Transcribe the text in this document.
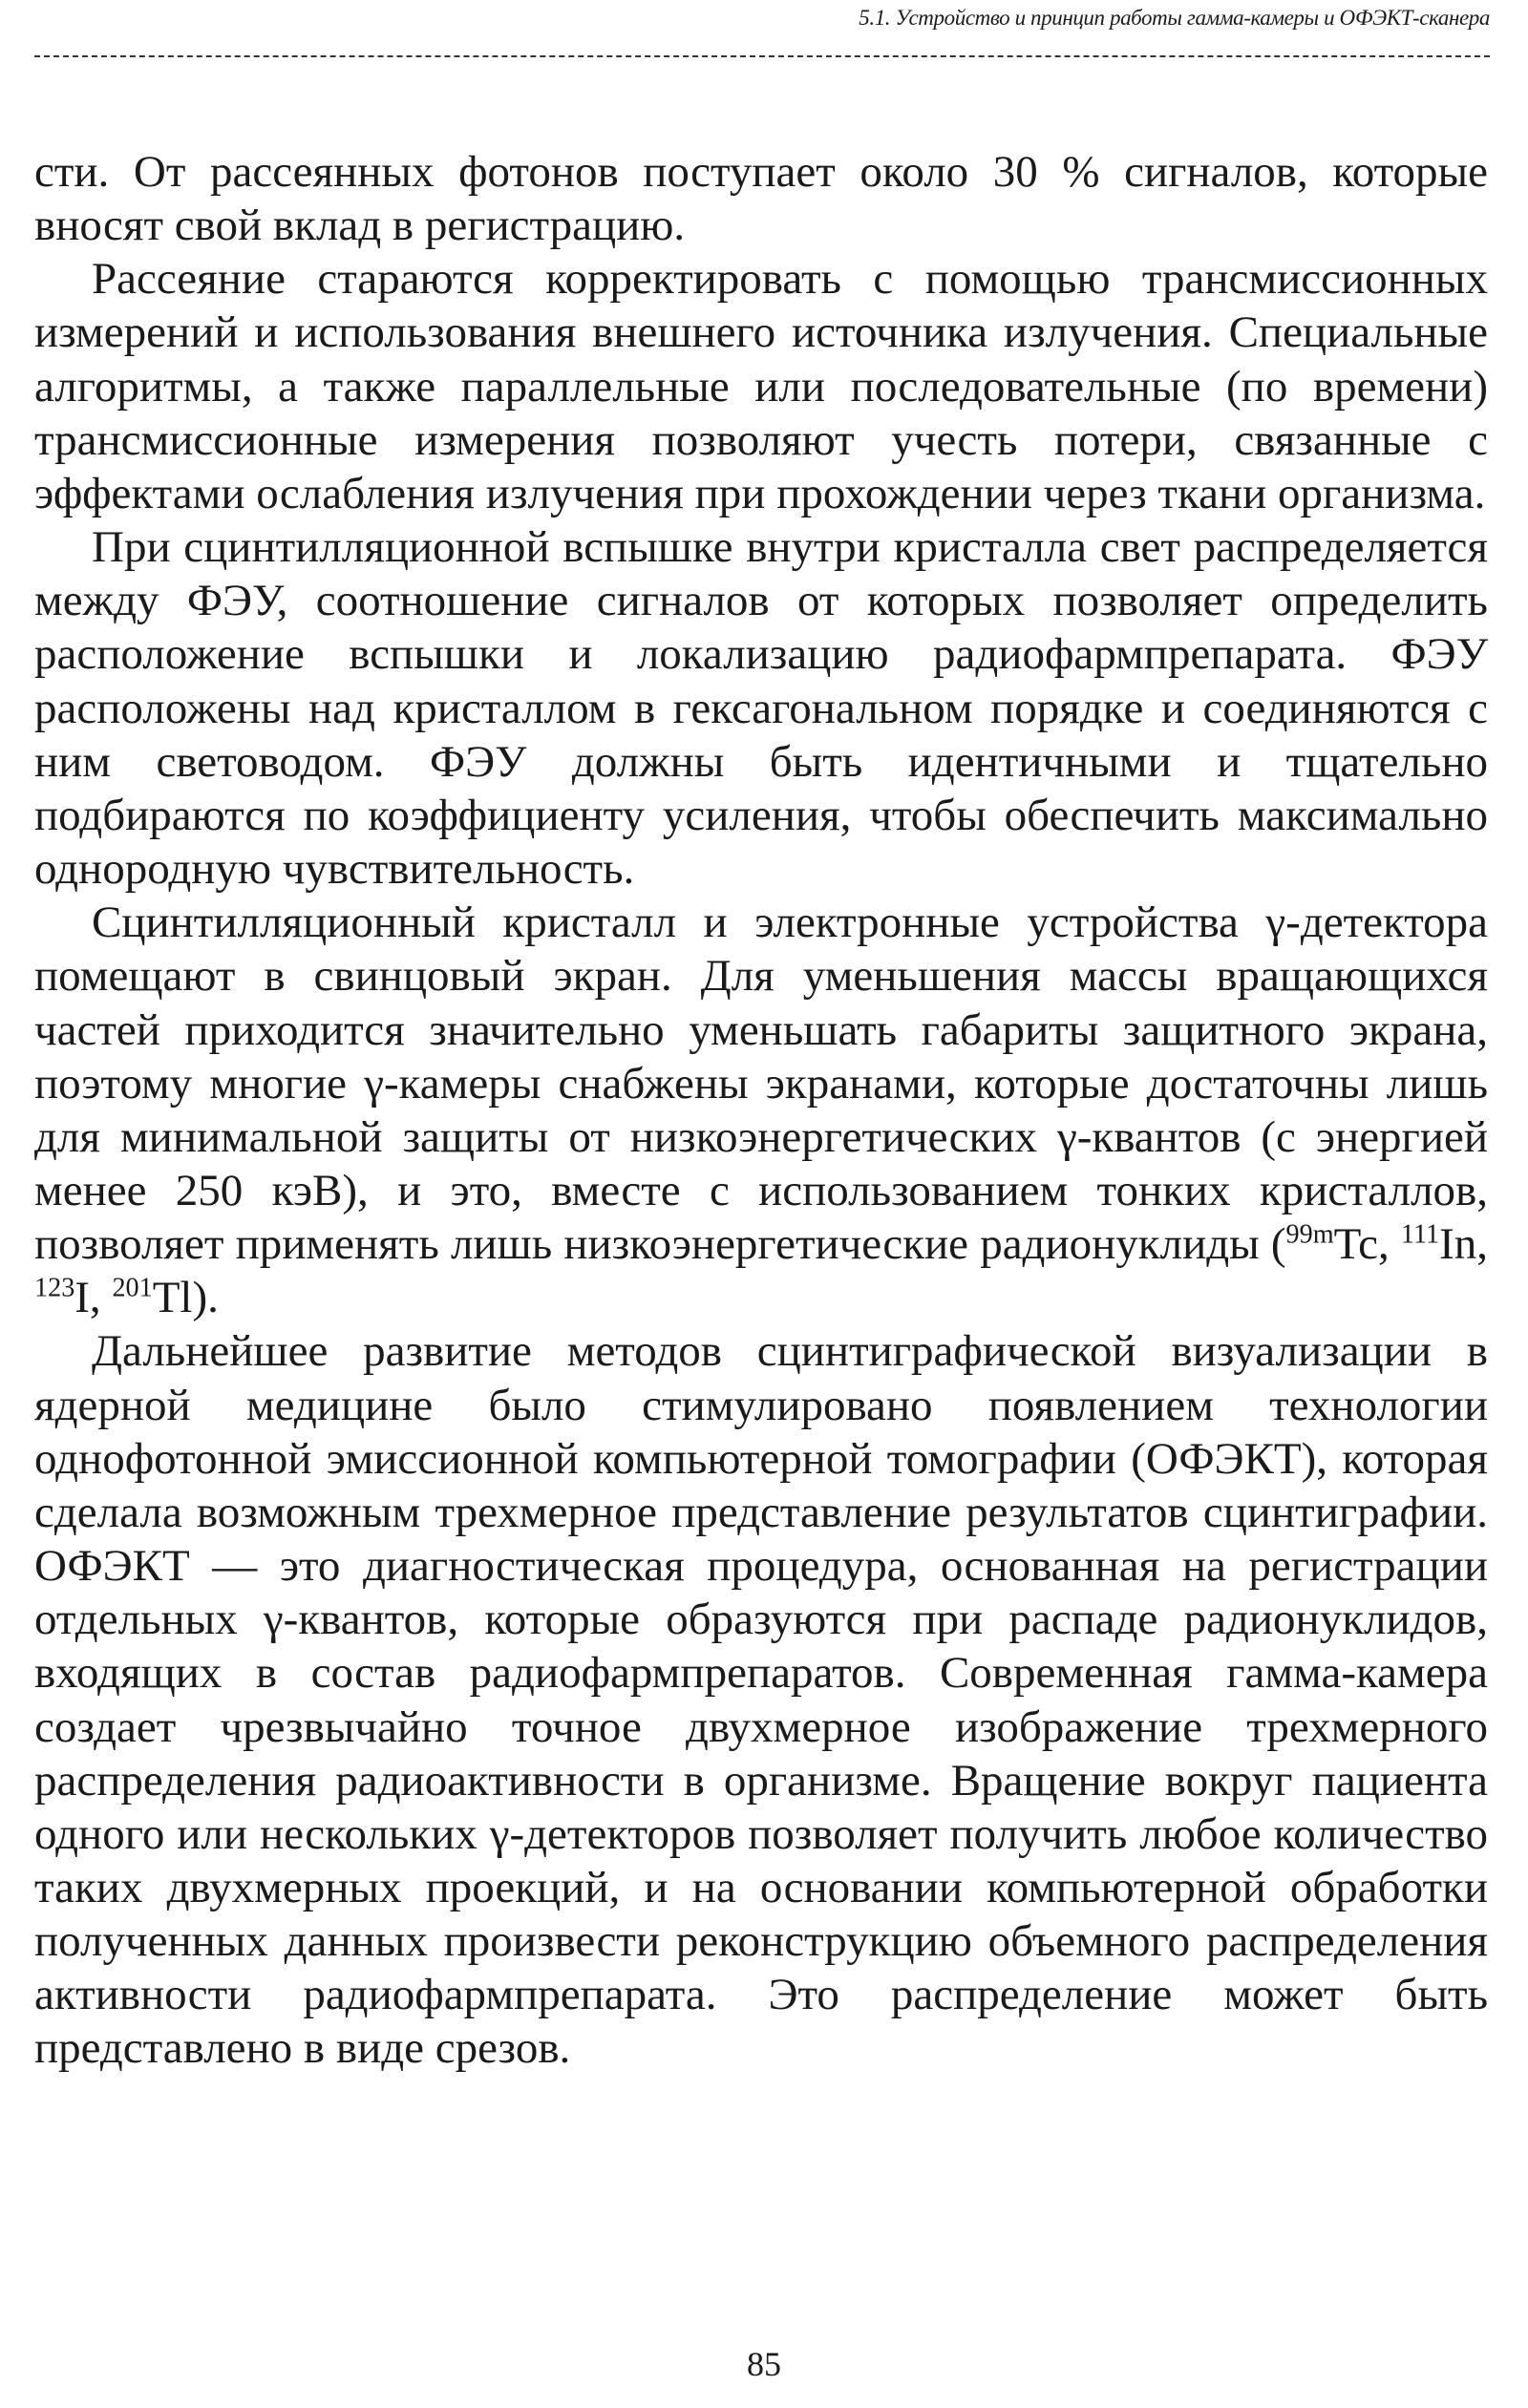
5.1. Устройство и принцип работы гамма-камеры и ОФЭКТ-сканера

сти. От рассеянных фотонов поступает около 30 % сигналов, которые вносят свой вклад в регистрацию.

Рассеяние стараются корректировать с помощью трансмиссионных измерений и использования внешнего источника излучения. Специальные алгоритмы, а также параллельные или последовательные (по времени) трансмиссионные измерения позволяют учесть потери, связанные с эффектами ослабления излучения при прохождении через ткани организма.

При сцинтилляционной вспышке внутри кристалла свет распределяется между ФЭУ, соотношение сигналов от которых позволяет определить расположение вспышки и локализацию радиофармпрепарата. ФЭУ расположены над кристаллом в гексагональном порядке и соединяются с ним световодом. ФЭУ должны быть идентичными и тщательно подбираются по коэффициенту усиления, чтобы обеспечить максимально однородную чувствительность.

Сцинтилляционный кристалл и электронные устройства γ-детектора помещают в свинцовый экран. Для уменьшения массы вращающихся частей приходится значительно уменьшать габариты защитного экрана, поэтому многие γ-камеры снабжены экранами, которые достаточны лишь для минимальной защиты от низкоэнергетических γ-квантов (с энергией менее 250 кэВ), и это, вместе с использованием тонких кристаллов, позволяет применять лишь низкоэнергетические радионуклиды ($^{99m}$Tc, $^{111}$In, $^{123}$I, $^{201}$Tl).

Дальнейшее развитие методов сцинтиграфической визуализации в ядерной медицине было стимулировано появлением технологии однофотонной эмиссионной компьютерной томографии (ОФЭКТ), которая сделала возможным трехмерное представление результатов сцинтиграфии. ОФЭКТ — это диагностическая процедура, основанная на регистрации отдельных γ-квантов, которые образуются при распаде радионуклидов, входящих в состав радиофармпрепаратов. Современная гамма-камера создает чрезвычайно точное двухмерное изображение трехмерного распределения радиоактивности в организме. Вращение вокруг пациента одного или нескольких γ-детекторов позволяет получить любое количество таких двухмерных проекций, и на основании компьютерной обработки полученных данных произвести реконструкцию объемного распределения активности радиофармпрепарата. Это распределение может быть представлено в виде срезов.

85
